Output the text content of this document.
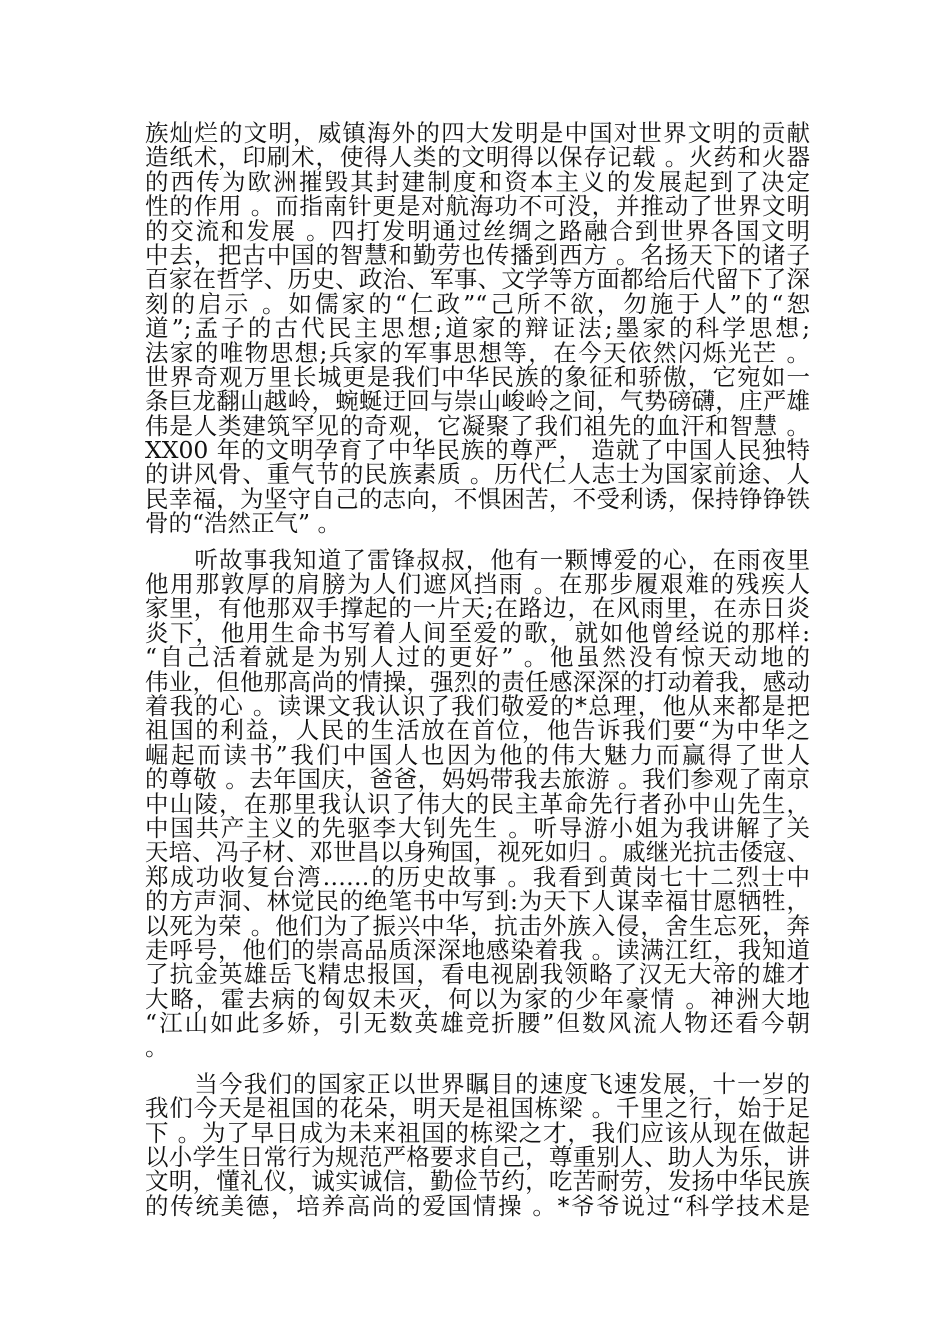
族灿烂的文明，威镇海外的四大发明是中国对世界文明的贡献
造纸术，印刷术，使得人类的文明得以保存记载 。火药和火器
的西传为欧洲摧毁其封建制度和资本主义的发展起到了决定
性的作用 。而指南针更是对航海功不可没，并推动了世界文明
的交流和发展 。四打发明通过丝绸之路融合到世界各国文明
中去，把古中国的智慧和勤劳也传播到西方 。名扬天下的诸子
百家在哲学、历史、政治、军事、文学等方面都给后代留下了深
刻的启示 。如儒家的“仁政”“己所不欲，勿施于人”的“恕
道”;孟子的古代民主思想;道家的辩证法;墨家的科学思想;
法家的唯物思想;兵家的军事思想等，在今天依然闪烁光芒 。
世界奇观万里长城更是我们中华民族的象征和骄傲，它宛如一
条巨龙翻山越岭，蜿蜒迂回与崇山峻岭之间，气势磅礴，庄严雄
伟是人类建筑罕见的奇观，它凝聚了我们祖先的血汗和智慧 。
XX00 年的文明孕育了中华民族的尊严， 造就了中国人民独特
的讲风骨、重气节的民族素质 。历代仁人志士为国家前途、人
民幸福，为坚守自己的志向，不惧困苦，不受利诱，保持铮铮铁
骨的“浩然正气” 。
　　听故事我知道了雷锋叔叔，他有一颗博爱的心，在雨夜里
他用那敦厚的肩膀为人们遮风挡雨 。在那步履艰难的残疾人
家里，有他那双手撑起的一片天;在路边，在风雨里，在赤日炎
炎下，他用生命书写着人间至爱的歌，就如他曾经说的那样:
“自己活着就是为别人过的更好” 。他虽然没有惊天动地的
伟业，但他那高尚的情操，强烈的责任感深深的打动着我，感动
着我的心 。读课文我认识了我们敬爱的*总理，他从来都是把
祖国的利益，人民的生活放在首位，他告诉我们要“为中华之
崛起而读书”我们中国人也因为他的伟大魅力而赢得了世人
的尊敬 。去年国庆，爸爸，妈妈带我去旅游 。我们参观了南京
中山陵，在那里我认识了伟大的民主革命先行者孙中山先生，
中国共产主义的先驱李大钊先生 。听导游小姐为我讲解了关
天培、冯子材、邓世昌以身殉国，视死如归 。戚继光抗击倭寇、
郑成功收复台湾……的历史故事 。我看到黄岗七十二烈士中
的方声洞、林觉民的绝笔书中写到:为天下人谋幸福甘愿牺牲，
以死为荣 。他们为了振兴中华，抗击外族入侵，舍生忘死，奔
走呼号，他们的崇高品质深深地感染着我 。读满江红，我知道
了抗金英雄岳飞精忠报国，看电视剧我领略了汉无大帝的雄才
大略，霍去病的匈奴未灭，何以为家的少年豪情 。神洲大地
“江山如此多娇，引无数英雄竞折腰”但数风流人物还看今朝
。
　　当今我们的国家正以世界瞩目的速度飞速发展，十一岁的
我们今天是祖国的花朵，明天是祖国栋梁 。千里之行，始于足
下 。为了早日成为未来祖国的栋梁之才，我们应该从现在做起
以小学生日常行为规范严格要求自己，尊重别人、助人为乐，讲
文明，懂礼仪，诚实诚信，勤俭节约，吃苦耐劳，发扬中华民族
的传统美德，培养高尚的爱国情操 。*爷爷说过“科学技术是
